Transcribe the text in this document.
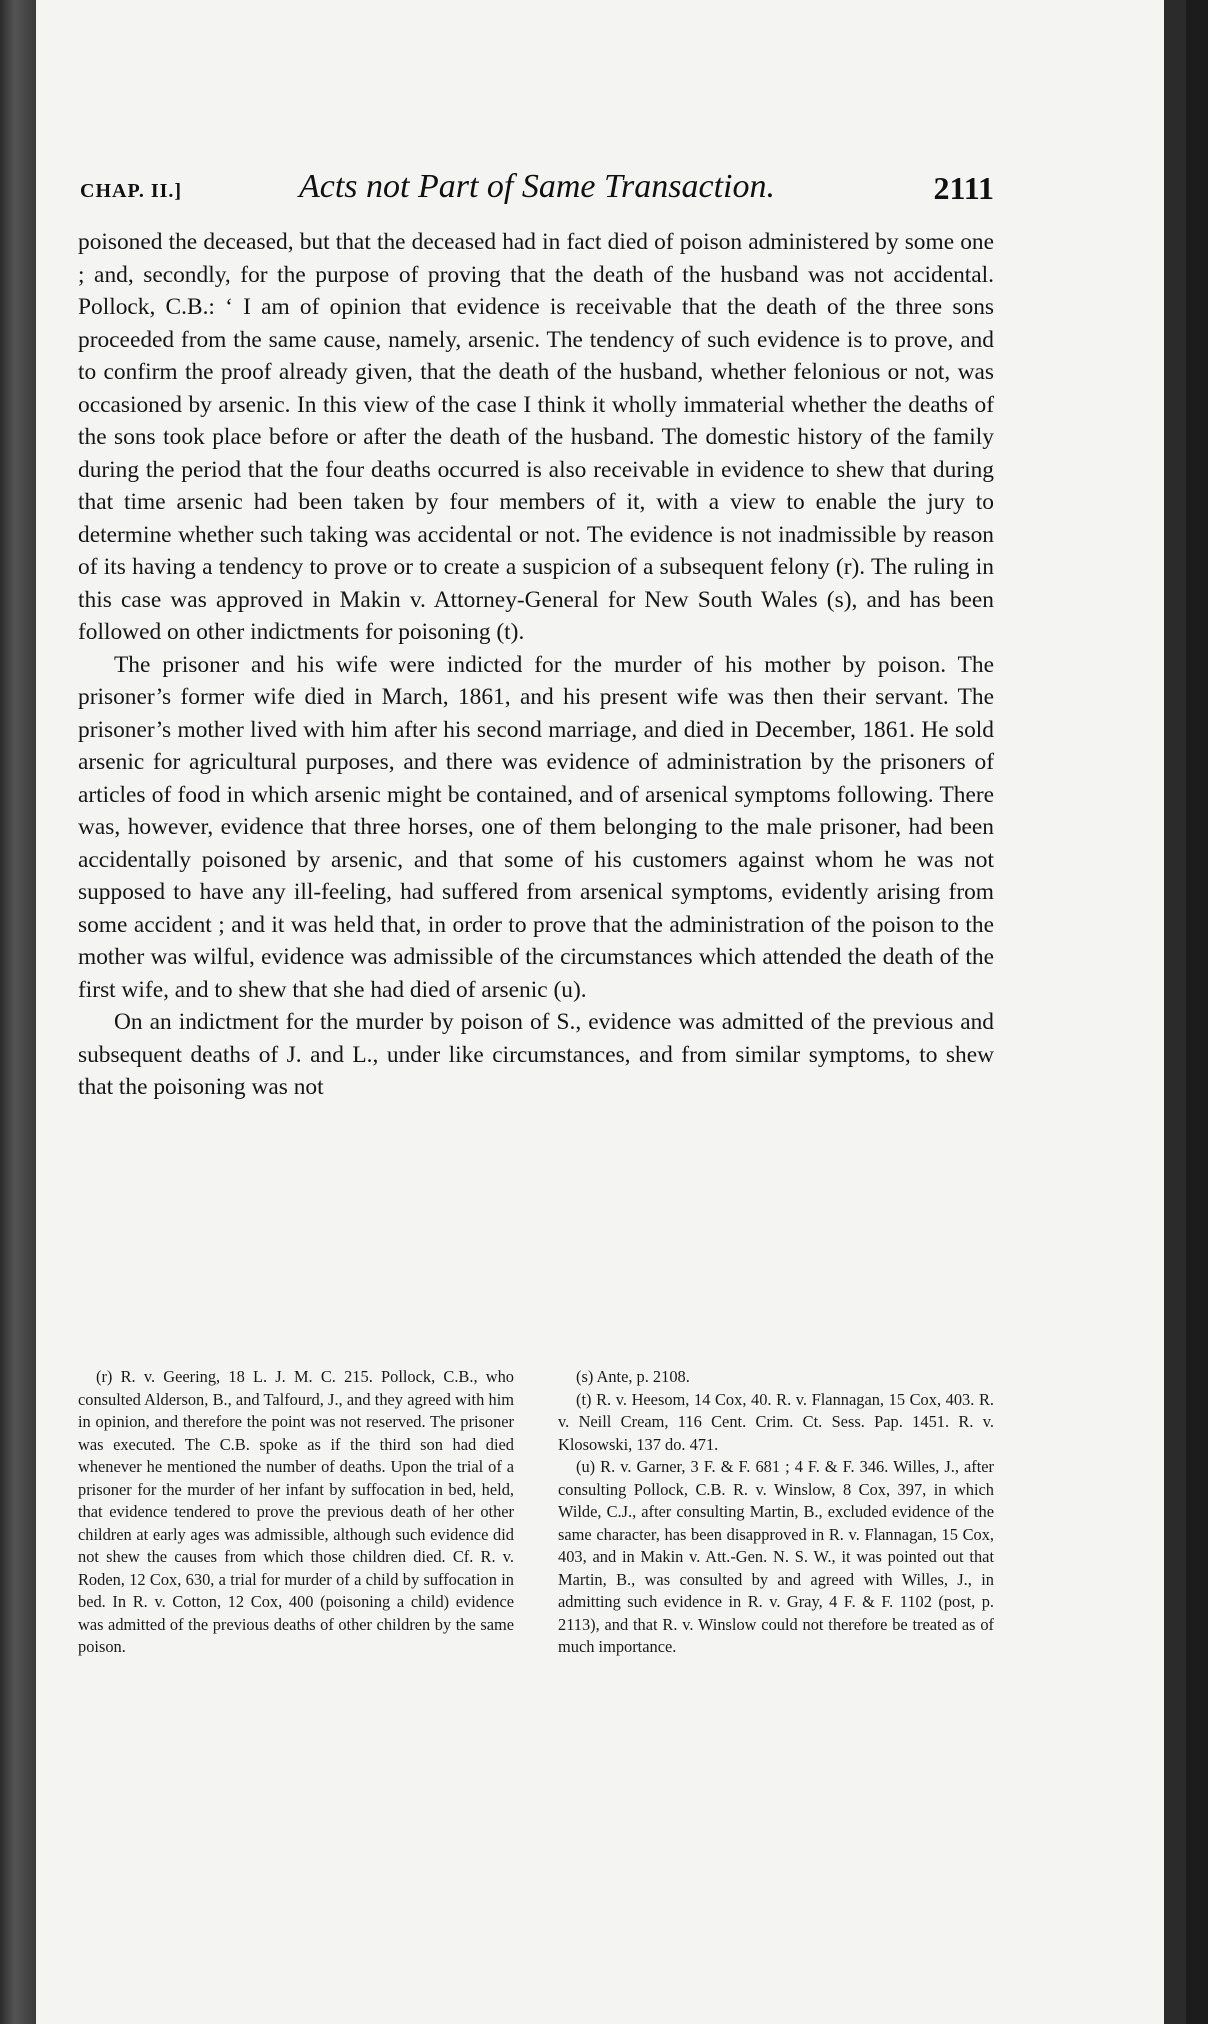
CHAP. II.]	Acts not Part of Same Transaction.	2111

poisoned the deceased, but that the deceased had in fact died of poison administered by some one ; and, secondly, for the purpose of proving that the death of the husband was not accidental. Pollock, C.B.: ‘ I am of opinion that evidence is receivable that the death of the three sons proceeded from the same cause, namely, arsenic. The tendency of such evidence is to prove, and to confirm the proof already given, that the death of the husband, whether felonious or not, was occasioned by arsenic. In this view of the case I think it wholly immaterial whether the deaths of the sons took place before or after the death of the husband. The domestic history of the family during the period that the four deaths occurred is also receivable in evidence to shew that during that time arsenic had been taken by four members of it, with a view to enable the jury to determine whether such taking was accidental or not. The evidence is not inadmissible by reason of its having a tendency to prove or to create a suspicion of a subsequent felony (r). The ruling in this case was approved in Makin v. Attorney-General for New South Wales (s), and has been followed on other indictments for poisoning (t).

The prisoner and his wife were indicted for the murder of his mother by poison. The prisoner’s former wife died in March, 1861, and his present wife was then their servant. The prisoner’s mother lived with him after his second marriage, and died in December, 1861. He sold arsenic for agricultural purposes, and there was evidence of administration by the prisoners of articles of food in which arsenic might be contained, and of arsenical symptoms following. There was, however, evidence that three horses, one of them belonging to the male prisoner, had been accidentally poisoned by arsenic, and that some of his customers against whom he was not supposed to have any ill-feeling, had suffered from arsenical symptoms, evidently arising from some accident ; and it was held that, in order to prove that the administration of the poison to the mother was wilful, evidence was admissible of the circumstances which attended the death of the first wife, and to shew that she had died of arsenic (u).

On an indictment for the murder by poison of S., evidence was admitted of the previous and subsequent deaths of J. and L., under like circumstances, and from similar symptoms, to shew that the poisoning was not

(r) R. v. Geering, 18 L. J. M. C. 215. Pollock, C.B., who consulted Alderson, B., and Talfourd, J., and they agreed with him in opinion, and therefore the point was not reserved. The prisoner was executed. The C.B. spoke as if the third son had died whenever he mentioned the number of deaths. Upon the trial of a prisoner for the murder of her infant by suffocation in bed, held, that evidence tendered to prove the previous death of her other children at early ages was admissible, although such evidence did not shew the causes from which those children died. Cf. R. v. Roden, 12 Cox, 630, a trial for murder of a child by suffocation in bed. In R. v. Cotton, 12 Cox, 400 (poisoning a child) evidence was admitted of the previous deaths of other children by the same poison.

(s) Ante, p. 2108.

(t) R. v. Heesom, 14 Cox, 40. R. v. Flannagan, 15 Cox, 403. R. v. Neill Cream, 116 Cent. Crim. Ct. Sess. Pap. 1451. R. v. Klosowski, 137 do. 471.

(u) R. v. Garner, 3 F. & F. 681 ; 4 F. & F. 346. Willes, J., after consulting Pollock, C.B. R. v. Winslow, 8 Cox, 397, in which Wilde, C.J., after consulting Martin, B., excluded evidence of the same character, has been disapproved in R. v. Flannagan, 15 Cox, 403, and in Makin v. Att.-Gen. N. S. W., it was pointed out that Martin, B., was consulted by and agreed with Willes, J., in admitting such evidence in R. v. Gray, 4 F. & F. 1102 (post, p. 2113), and that R. v. Winslow could not therefore be treated as of much importance.
